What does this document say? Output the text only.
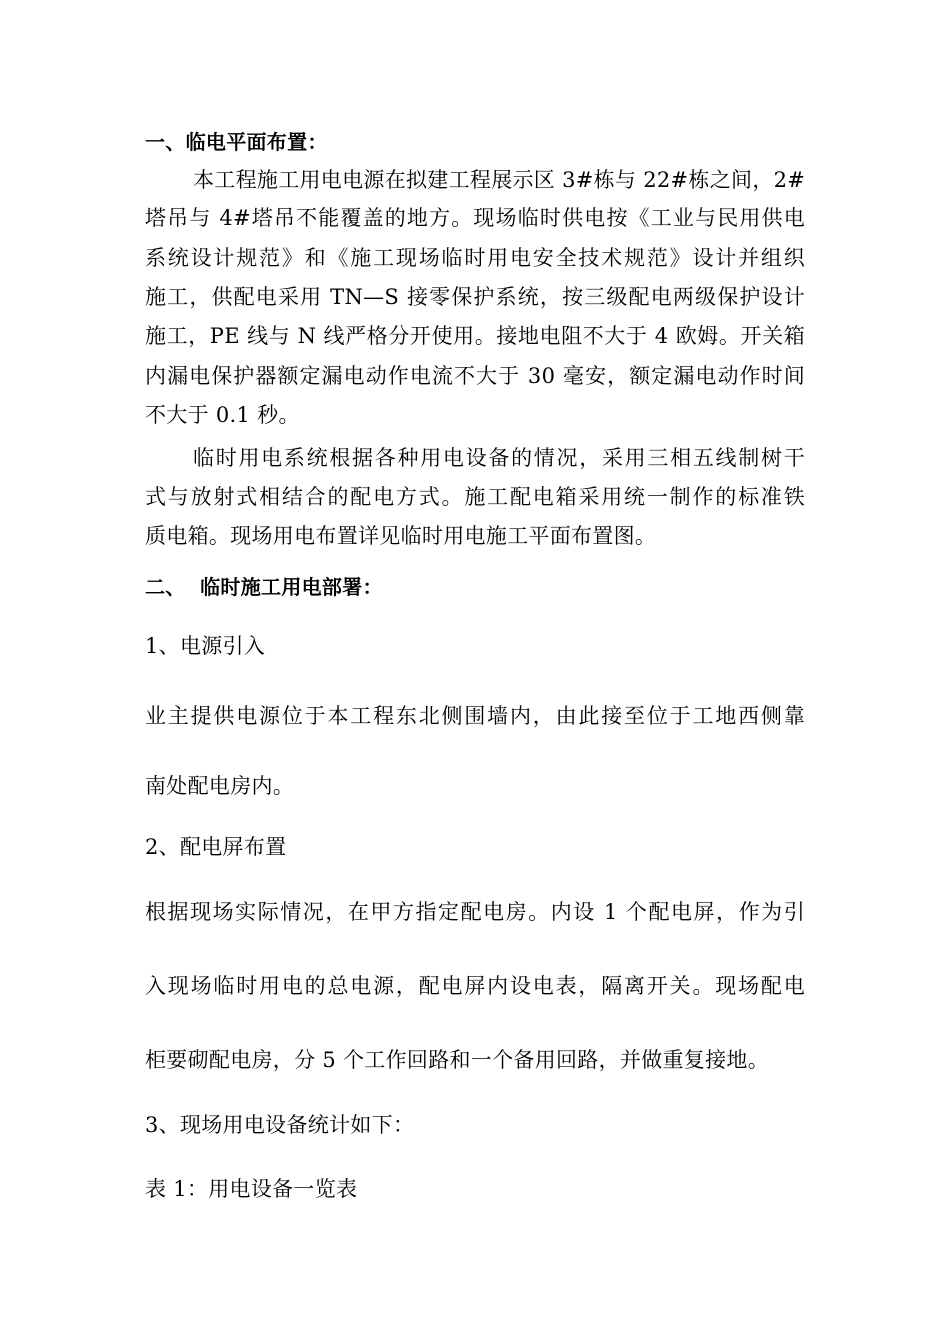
一、临电平面布置：
本工程施工用电电源在拟建工程展示区 3#栋与 22#栋之间，2#
塔吊与 4#塔吊不能覆盖的地方。现场临时供电按《工业与民用供电
系统设计规范》和《施工现场临时用电安全技术规范》设计并组织
施工，供配电采用 TN—S 接零保护系统，按三级配电两级保护设计
施工，PE 线与 N 线严格分开使用。接地电阻不大于 4 欧姆。开关箱
内漏电保护器额定漏电动作电流不大于 30 毫安，额定漏电动作时间
不大于 0.1 秒。
临时用电系统根据各种用电设备的情况，采用三相五线制树干
式与放射式相结合的配电方式。施工配电箱采用统一制作的标准铁
质电箱。现场用电布置详见临时用电施工平面布置图。
二、  临时施工用电部署：
1、电源引入
业主提供电源位于本工程东北侧围墙内，由此接至位于工地西侧靠
南处配电房内。
2、配电屏布置
根据现场实际情况，在甲方指定配电房。内设 1 个配电屏，作为引
入现场临时用电的总电源，配电屏内设电表，隔离开关。现场配电
柜要砌配电房，分 5 个工作回路和一个备用回路，并做重复接地。
3、现场用电设备统计如下：
表 1：用电设备一览表
